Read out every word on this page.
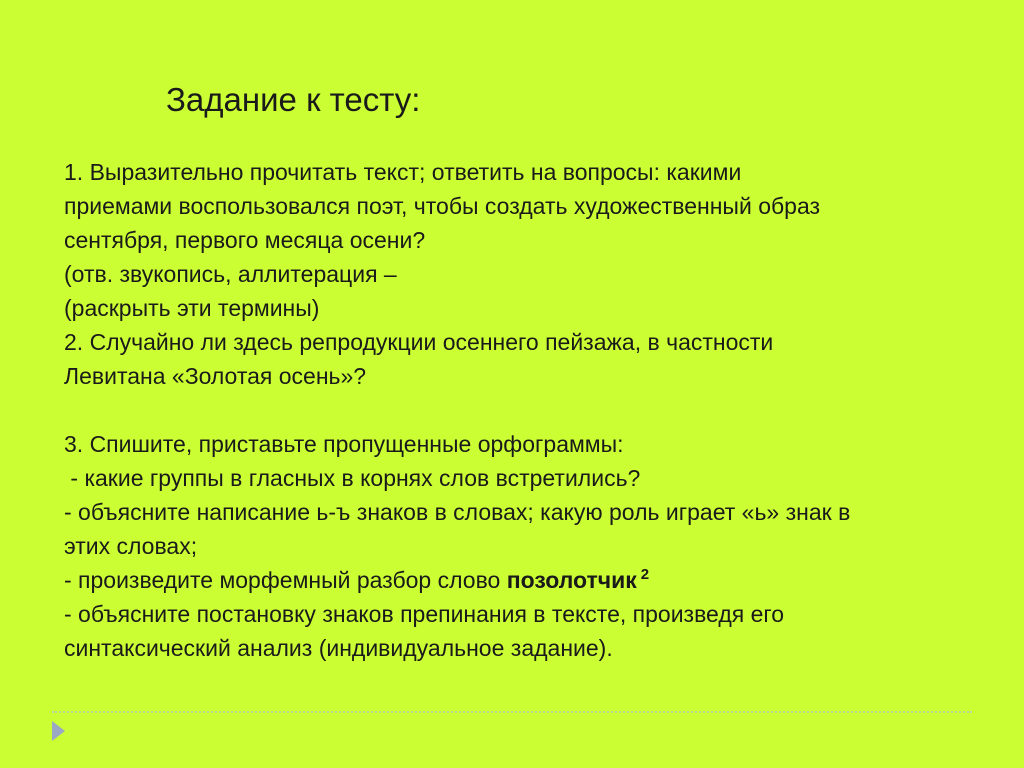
Задание к тесту:
1. Выразительно прочитать текст; ответить на вопросы: какими
приемами воспользовался поэт, чтобы создать художественный образ
сентября, первого месяца осени?
(отв. звукопись, аллитерация –
(раскрыть эти термины)
2. Случайно ли здесь репродукции осеннего пейзажа, в частности
Левитана «Золотая осень»?
3. Спишите, приставьте пропущенные орфограммы:
- какие группы в гласных в корнях слов встретились?
- объясните написание ь-ъ знаков в словах; какую роль играет «ь» знак в
этих словах;
- произведите морфемный разбор слово позолотчик $^2$
- объясните постановку знаков препинания в тексте, произведя его
синтаксический анализ (индивидуальное задание).
